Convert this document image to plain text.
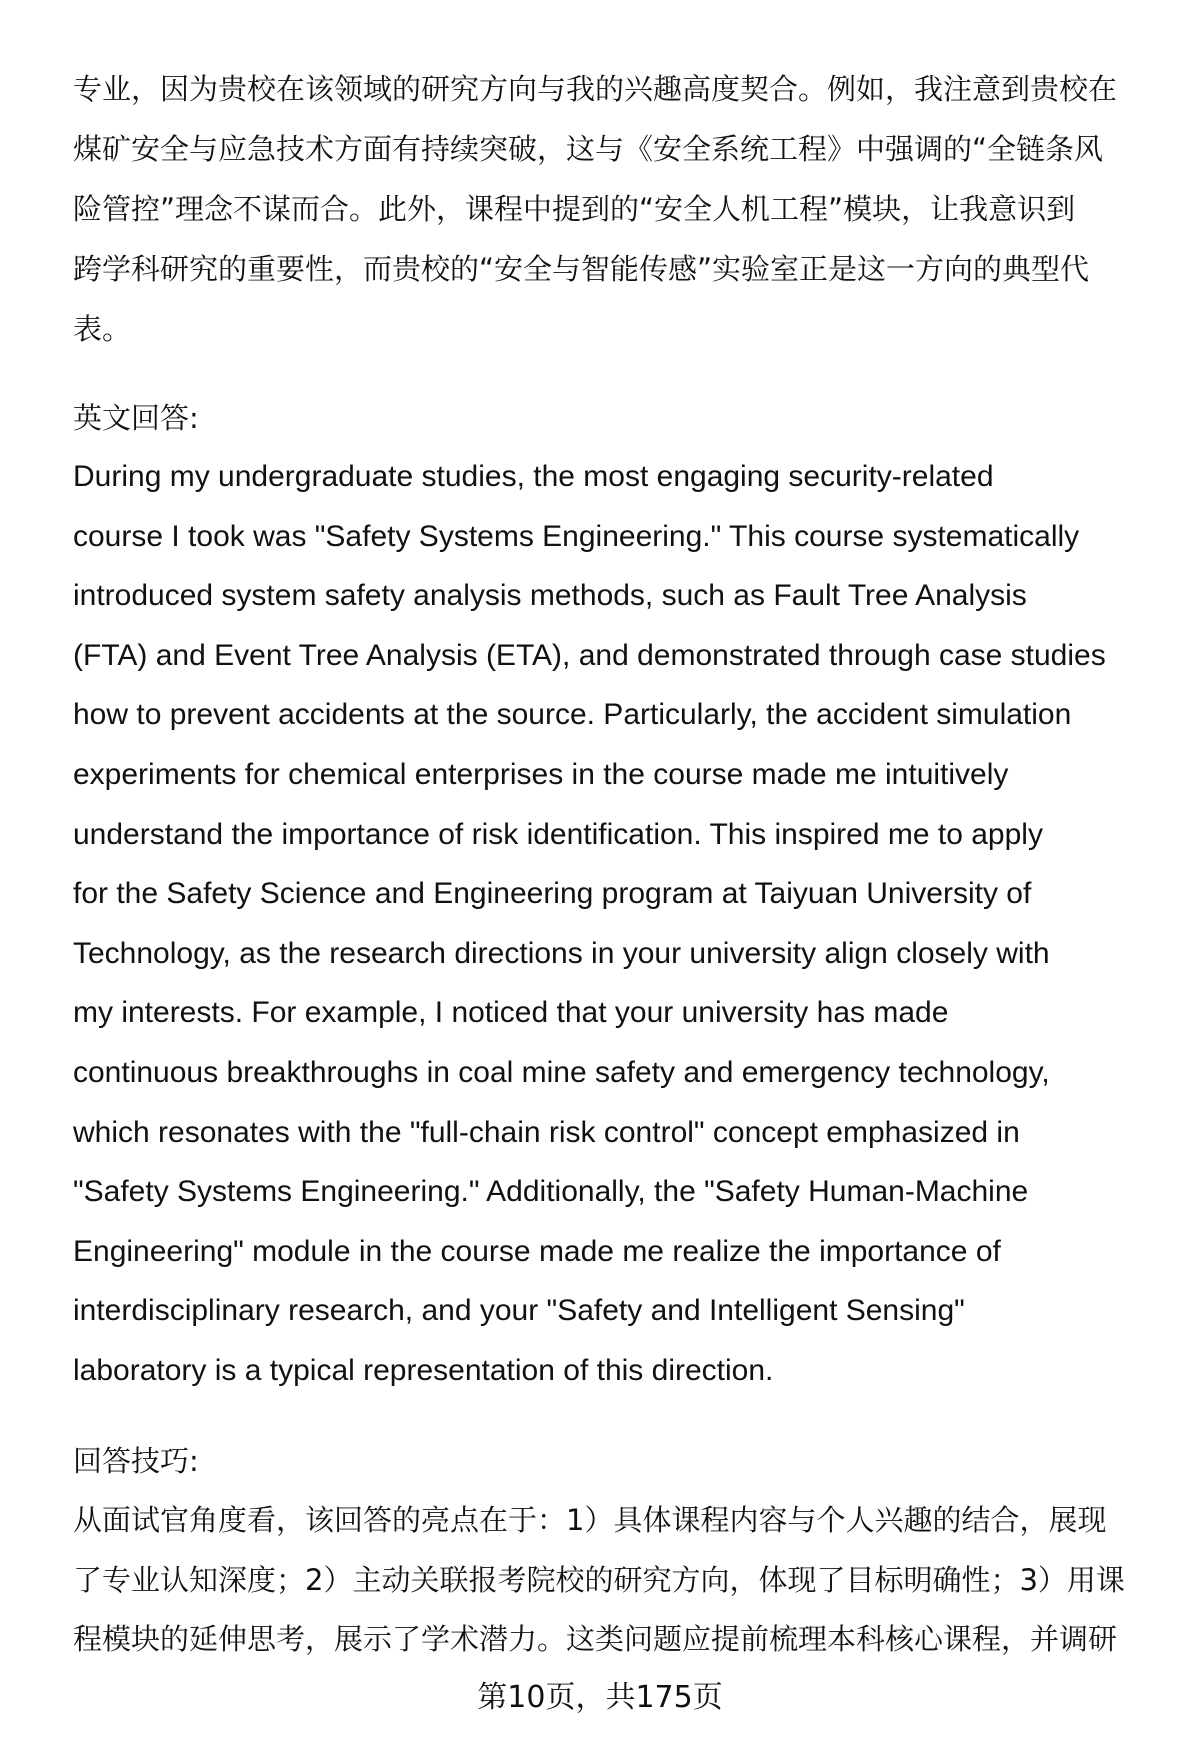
专业，因为贵校在该领域的研究方向与我的兴趣高度契合。例如，我注意到贵校在
煤矿安全与应急技术方面有持续突破，这与《安全系统工程》中强调的“全链条风
险管控”理念不谋而合。此外，课程中提到的“安全人机工程”模块，让我意识到
跨学科研究的重要性，而贵校的“安全与智能传感”实验室正是这一方向的典型代
表。
英文回答:
During my undergraduate studies, the most engaging security-related
course I took was "Safety Systems Engineering." This course systematically
introduced system safety analysis methods, such as Fault Tree Analysis
(FTA) and Event Tree Analysis (ETA), and demonstrated through case studies
how to prevent accidents at the source. Particularly, the accident simulation
experiments for chemical enterprises in the course made me intuitively
understand the importance of risk identification. This inspired me to apply
for the Safety Science and Engineering program at Taiyuan University of
Technology, as the research directions in your university align closely with
my interests. For example, I noticed that your university has made
continuous breakthroughs in coal mine safety and emergency technology,
which resonates with the "full-chain risk control" concept emphasized in
"Safety Systems Engineering." Additionally, the "Safety Human-Machine
Engineering" module in the course made me realize the importance of
interdisciplinary research, and your "Safety and Intelligent Sensing"
laboratory is a typical representation of this direction.
回答技巧:
从面试官角度看，该回答的亮点在于：1）具体课程内容与个人兴趣的结合，展现
了专业认知深度；2）主动关联报考院校的研究方向，体现了目标明确性；3）用课
程模块的延伸思考，展示了学术潜力。这类问题应提前梳理本科核心课程，并调研
第10页，共175页
